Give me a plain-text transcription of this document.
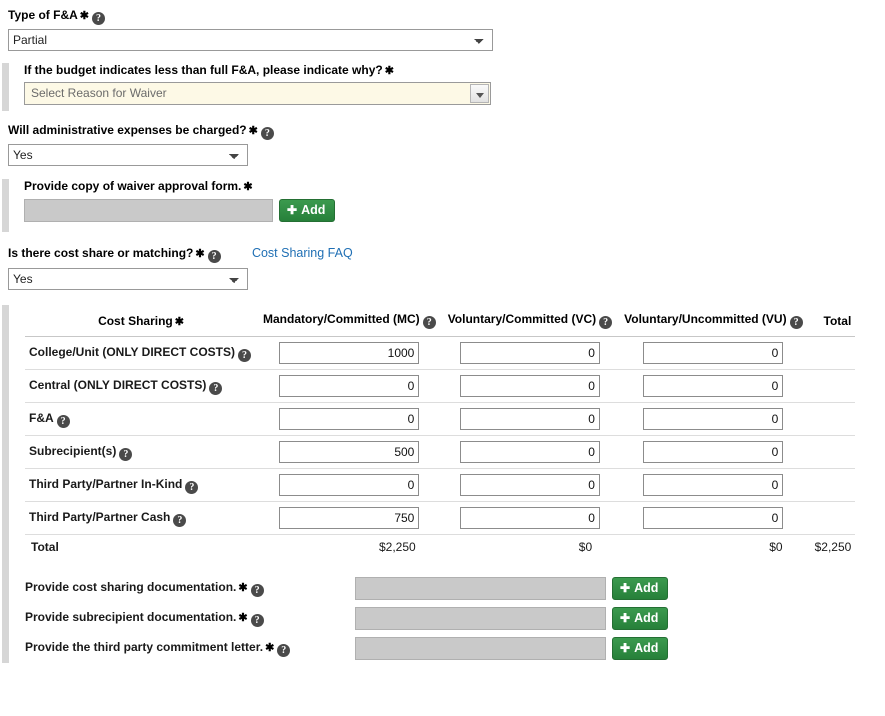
Type of F&A ✱ ?
Partial
If the budget indicates less than full F&A, please indicate why? ✱
Select Reason for Waiver
Will administrative expenses be charged? ✱ ?
Yes
Provide copy of waiver approval form. ✱
✚ Add
Is there cost share or matching? ✱ ?	Cost Sharing FAQ
Yes
Cost Sharing ✱	Mandatory/Committed (MC) ?	Voluntary/Committed (VC) ?	Voluntary/Uncommitted (VU) ?	Total
College/Unit (ONLY DIRECT COSTS) ?	1000	0	0	
Central (ONLY DIRECT COSTS) ?	0	0	0	
F&A ?	0	0	0	
Subrecipient(s) ?	500	0	0	
Third Party/Partner In-Kind ?	0	0	0	
Third Party/Partner Cash ?	750	0	0	
Total	$2,250	$0	$0	$2,250
Provide cost sharing documentation. ✱ ?	✚ Add
Provide subrecipient documentation. ✱ ?	✚ Add
Provide the third party commitment letter. ✱ ?	✚ Add
